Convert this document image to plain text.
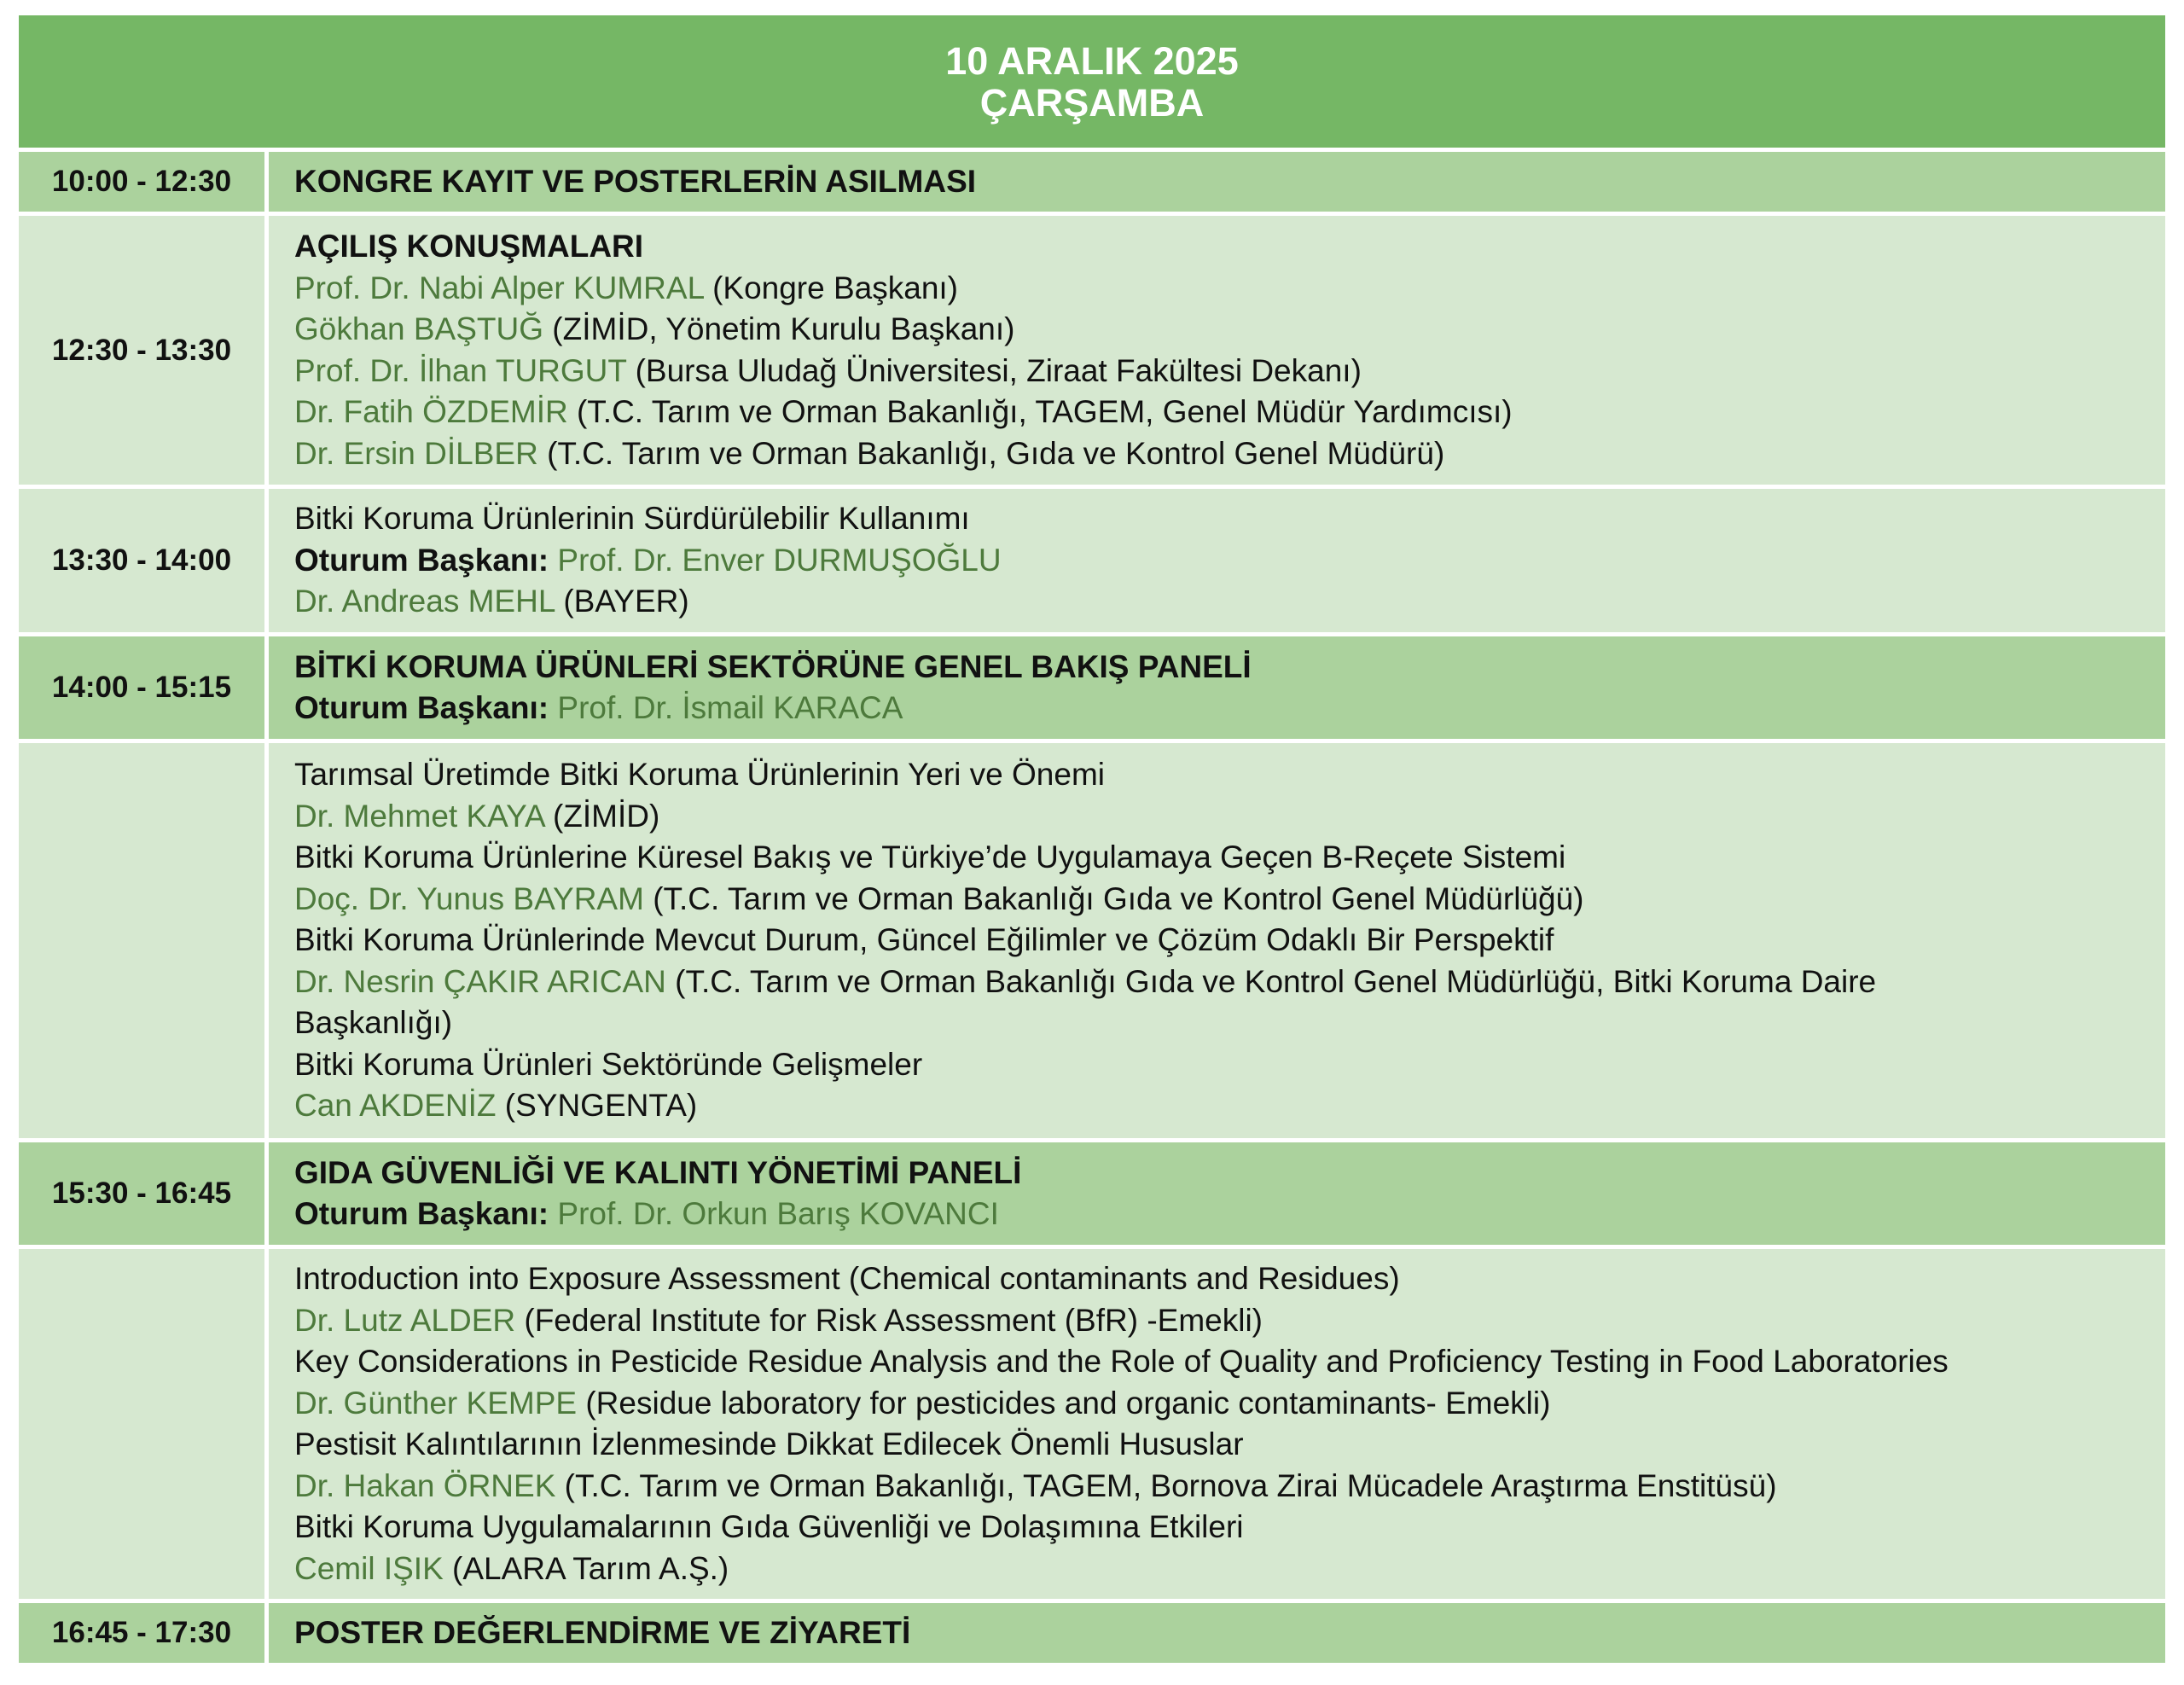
10 ARALIK 2025
ÇARŞAMBA
10:00 - 12:30	KONGRE KAYIT VE POSTERLERİN ASILMASI
12:30 - 13:30
AÇILIŞ KONUŞMALARI
Prof. Dr. Nabi Alper KUMRAL (Kongre Başkanı)
Gökhan BAŞTUĞ (ZİMİD, Yönetim Kurulu Başkanı)
Prof. Dr. İlhan TURGUT (Bursa Uludağ Üniversitesi, Ziraat Fakültesi Dekanı)
Dr. Fatih ÖZDEMİR (T.C. Tarım ve Orman Bakanlığı, TAGEM, Genel Müdür Yardımcısı)
Dr. Ersin DİLBER (T.C. Tarım ve Orman Bakanlığı, Gıda ve Kontrol Genel Müdürü)
13:30 - 14:00
Bitki Koruma Ürünlerinin Sürdürülebilir Kullanımı
Oturum Başkanı: Prof. Dr. Enver DURMUŞOĞLU
Dr. Andreas MEHL (BAYER)
14:00 - 15:15
BİTKİ KORUMA ÜRÜNLERİ SEKTÖRÜNE GENEL BAKIŞ PANELİ
Oturum Başkanı: Prof. Dr. İsmail KARACA
Tarımsal Üretimde Bitki Koruma Ürünlerinin Yeri ve Önemi
Dr. Mehmet KAYA (ZİMİD)
Bitki Koruma Ürünlerine Küresel Bakış ve Türkiye’de Uygulamaya Geçen B-Reçete Sistemi
Doç. Dr. Yunus BAYRAM (T.C. Tarım ve Orman Bakanlığı Gıda ve Kontrol Genel Müdürlüğü)
Bitki Koruma Ürünlerinde Mevcut Durum, Güncel Eğilimler ve Çözüm Odaklı Bir Perspektif
Dr. Nesrin ÇAKIR ARICAN (T.C. Tarım ve Orman Bakanlığı Gıda ve Kontrol Genel Müdürlüğü, Bitki Koruma Daire Başkanlığı)
Bitki Koruma Ürünleri Sektöründe Gelişmeler
Can AKDENİZ (SYNGENTA)
15:30 - 16:45
GIDA GÜVENLİĞİ VE KALINTI YÖNETİMİ PANELİ
Oturum Başkanı: Prof. Dr. Orkun Barış KOVANCI
Introduction into Exposure Assessment (Chemical contaminants and Residues)
Dr. Lutz ALDER (Federal Institute for Risk Assessment (BfR) -Emekli)
Key Considerations in Pesticide Residue Analysis and the Role of Quality and Proficiency Testing in Food Laboratories
Dr. Günther KEMPE (Residue laboratory for pesticides and organic contaminants- Emekli)
Pestisit Kalıntılarının İzlenmesinde Dikkat Edilecek Önemli Hususlar
Dr. Hakan ÖRNEK (T.C. Tarım ve Orman Bakanlığı, TAGEM, Bornova Zirai Mücadele Araştırma Enstitüsü)
Bitki Koruma Uygulamalarının Gıda Güvenliği ve Dolaşımına Etkileri
Cemil IŞIK (ALARA Tarım A.Ş.)
16:45 - 17:30	POSTER DEĞERLENDİRME VE ZİYARETİ
